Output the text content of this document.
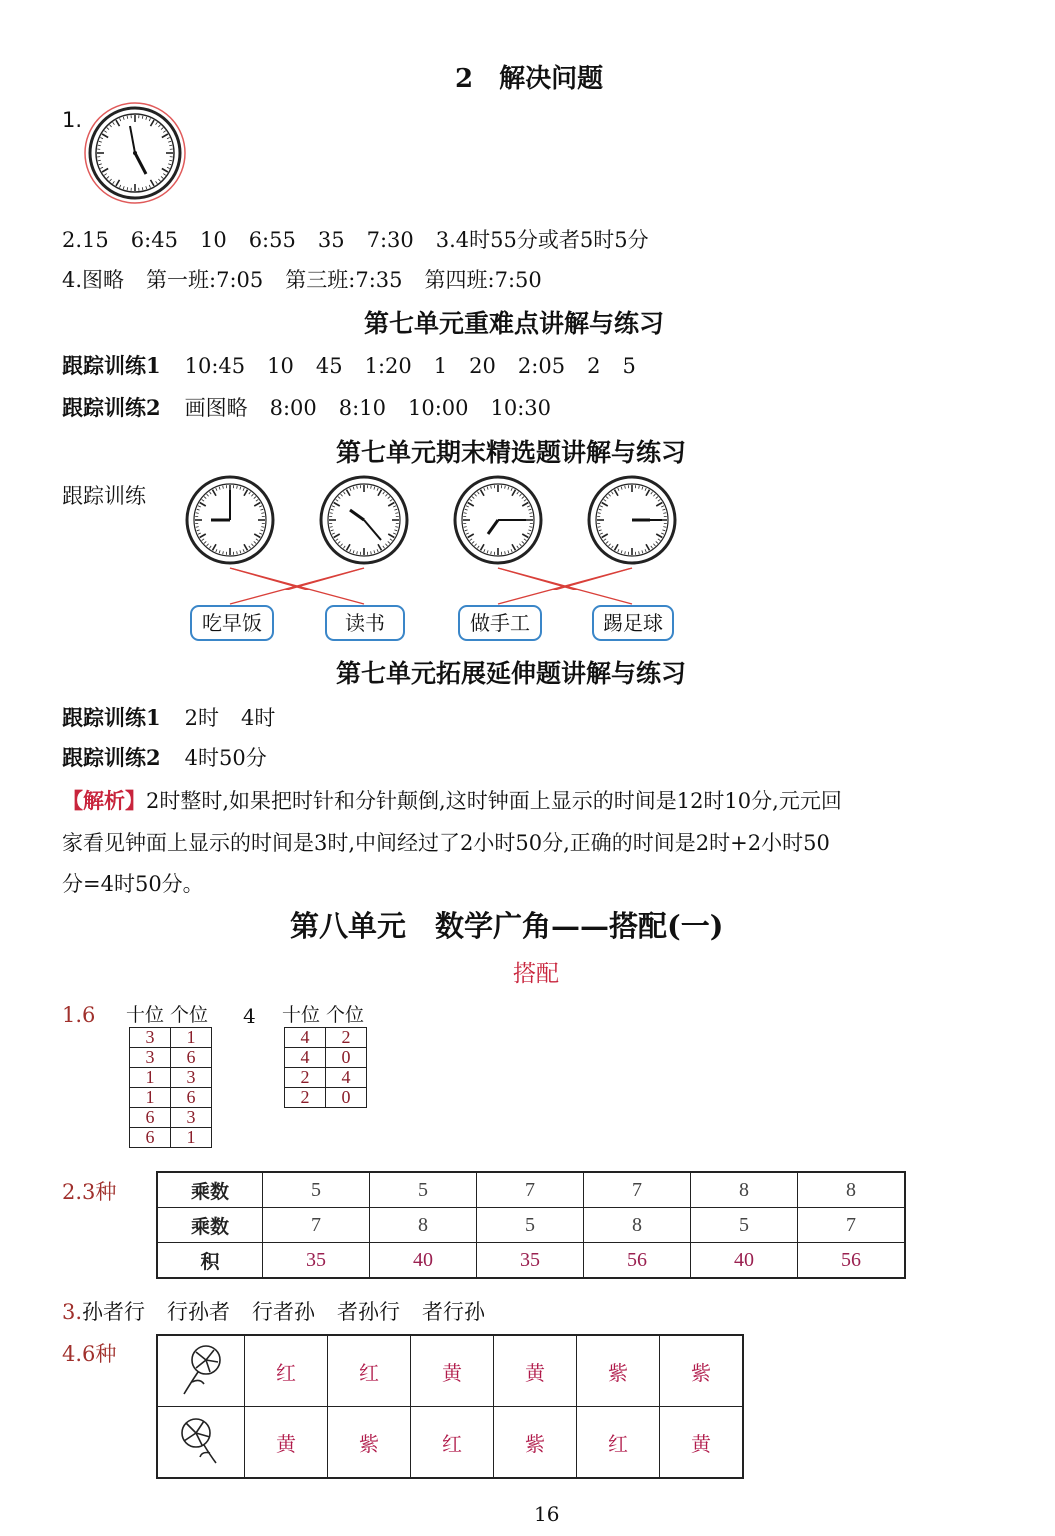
2　解决问题
1.
2.15 6:45 10 6:55 35 7:30 3.4时55分或者5时5分
4.图略 第一班:7:05 第三班:7:35 第四班:7:50
第七单元重难点讲解与练习
跟踪训练1 10:45 10 45 1:20 1 20 2:05 2 5
跟踪训练2 画图略 8:00 8:10 10:00 10:30
第七单元期末精选题讲解与练习
跟踪训练
吃早饭	读书	做手工	踢足球
第七单元拓展延伸题讲解与练习
跟踪训练1 2时 4时
跟踪训练2 4时50分
【解析】2时整时,如果把时针和分针颠倒,这时钟面上显示的时间是12时10分,元元回
家看见钟面上显示的时间是3时,中间经过了2小时50分,正确的时间是2时+2小时50
分=4时50分。
第八单元　数学广角——搭配(一)
搭配
1.6 十位 个位 4 十位 个位
3	1
3	6
1	3
1	6
6	3
6	1
4	2
4	0
2	4
2	0
2.3种	乘数	5	5	7	7	8	8
乘数	7	8	5	8	5	7
积	35	40	35	56	40	56
3.孙者行 行孙者 行者孙 者孙行 者行孙
4.6种
	红	红	黄	黄	紫	紫
	黄	紫	红	紫	红	黄
16
